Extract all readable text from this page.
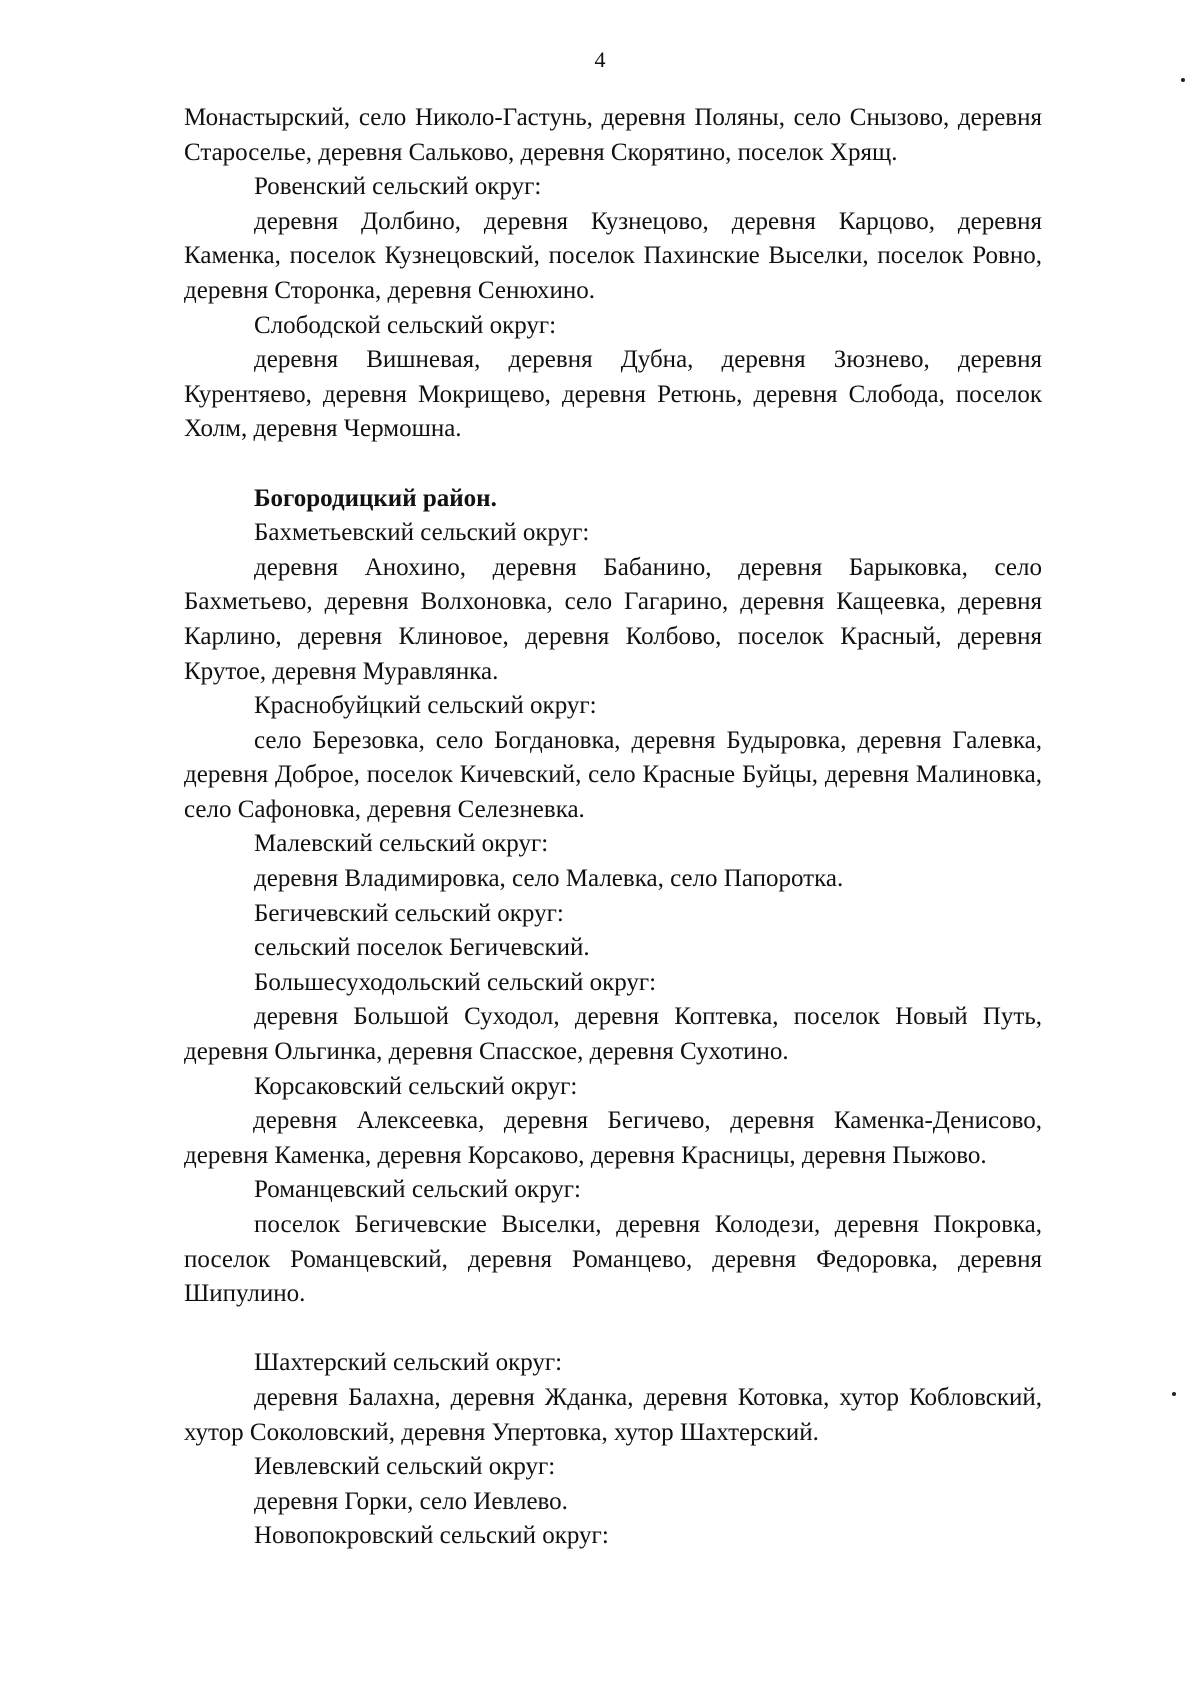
4

Монастырский, село Николо-Гастунь, деревня Поляны, село Снызово, деревня Староселье, деревня Сальково, деревня Скорятино, поселок Хрящ.

Ровенский сельский округ:

деревня Долбино, деревня Кузнецово, деревня Карцово, деревня Каменка, поселок Кузнецовский, поселок Пахинские Выселки, поселок Ровно, деревня Сторонка, деревня Сенюхино.

Слободской сельский округ:

деревня Вишневая, деревня Дубна, деревня Зюзнево, деревня Курентяево, деревня Мокрищево, деревня Ретюнь, деревня Слобода, поселок Холм, деревня Чермошна.

Богородицкий район.

Бахметьевский сельский округ:

деревня Анохино, деревня Бабанино, деревня Барыковка, село Бахметьево, деревня Волхоновка, село Гагарино, деревня Кащеевка, деревня Карлино, деревня Клиновое, деревня Колбово, поселок Красный, деревня Крутое, деревня Муравлянка.

Краснобуйцкий сельский округ:

село Березовка, село Богдановка, деревня Будыровка, деревня Галевка, деревня Доброе, поселок Кичевский, село Красные Буйцы, деревня Малиновка, село Сафоновка, деревня Селезневка.

Малевский сельский округ:

деревня Владимировка, село Малевка, село Папоротка.

Бегичевский сельский округ:

сельский поселок Бегичевский.

Большесуходольский сельский округ:

деревня Большой Суходол, деревня Коптевка, поселок Новый Путь, деревня Ольгинка, деревня Спасское, деревня Сухотино.

Корсаковский сельский округ:

деревня Алексеевка, деревня Бегичево, деревня Каменка-Денисово, деревня Каменка, деревня Корсаково, деревня Красницы, деревня Пыжово.

Романцевский сельский округ:

поселок Бегичевские Выселки, деревня Колодези, деревня Покровка, поселок Романцевский, деревня Романцево, деревня Федоровка, деревня Шипулино.

Шахтерский сельский округ:

деревня Балахна, деревня Жданка, деревня Котовка, хутор Кобловский, хутор Соколовский, деревня Упертовка, хутор Шахтерский.

Иевлевский сельский округ:

деревня Горки, село Иевлево.

Новопокровский сельский округ:
